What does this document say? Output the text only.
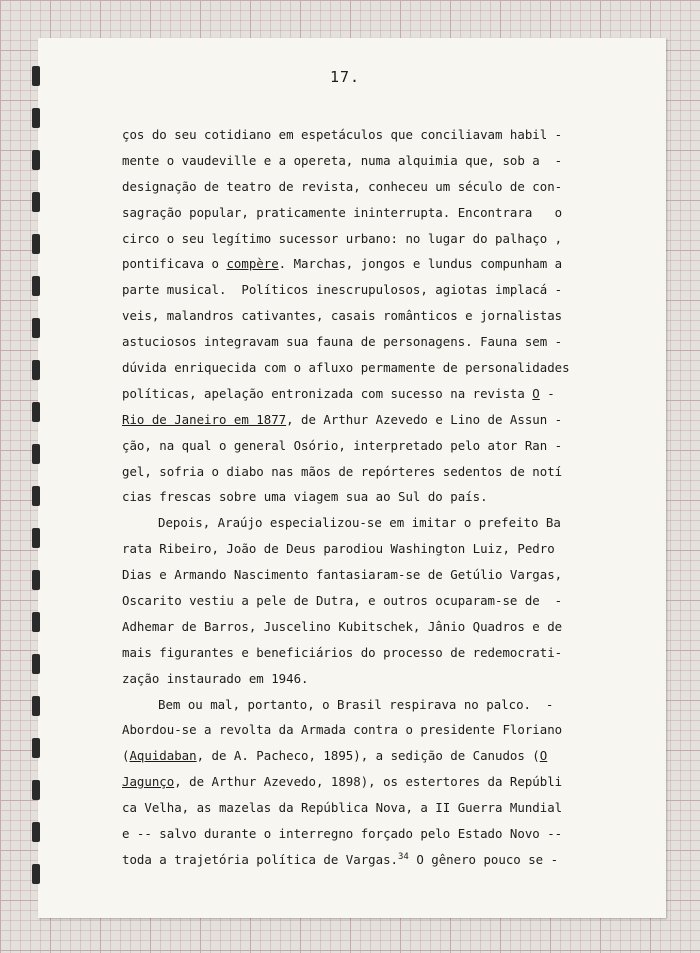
17.
ços do seu cotidiano em espetáculos que conciliavam habil -
mente o vaudeville e a opereta, numa alquimia que, sob a  -
designação de teatro de revista, conheceu um século de con-
sagração popular, praticamente ininterrupta. Encontrara   o
circo o seu legítimo sucessor urbano: no lugar do palhaço ,
pontificava o compère. Marchas, jongos e lundus compunham a
parte musical.  Políticos inescrupulosos, agiotas implacá -
veis, malandros cativantes, casais românticos e jornalistas
astuciosos integravam sua fauna de personagens. Fauna sem -
dúvida enriquecida com o afluxo permamente de personalidades
políticas, apelação entronizada com sucesso na revista O -
Rio de Janeiro em 1877, de Arthur Azevedo e Lino de Assun -
ção, na qual o general Osório, interpretado pelo ator Ran -
gel, sofria o diabo nas mãos de repórteres sedentos de notí
cias frescas sobre uma viagem sua ao Sul do país.
Depois, Araújo especializou-se em imitar o prefeito Ba
rata Ribeiro, João de Deus parodiou Washington Luiz, Pedro
Dias e Armando Nascimento fantasiaram-se de Getúlio Vargas,
Oscarito vestiu a pele de Dutra, e outros ocuparam-se de  -
Adhemar de Barros, Juscelino Kubitschek, Jânio Quadros e de
mais figurantes e beneficiários do processo de redemocrati-
zação instaurado em 1946.
Bem ou mal, portanto, o Brasil respirava no palco.  -
Abordou-se a revolta da Armada contra o presidente Floriano
(Aquidaban, de A. Pacheco, 1895), a sedição de Canudos (O
Jagunço, de Arthur Azevedo, 1898), os estertores da Repúbli
ca Velha, as mazelas da República Nova, a II Guerra Mundial
e -- salvo durante o interregno forçado pelo Estado Novo --
toda a trajetória política de Vargas.$^{34}$ O gênero pouco se -
